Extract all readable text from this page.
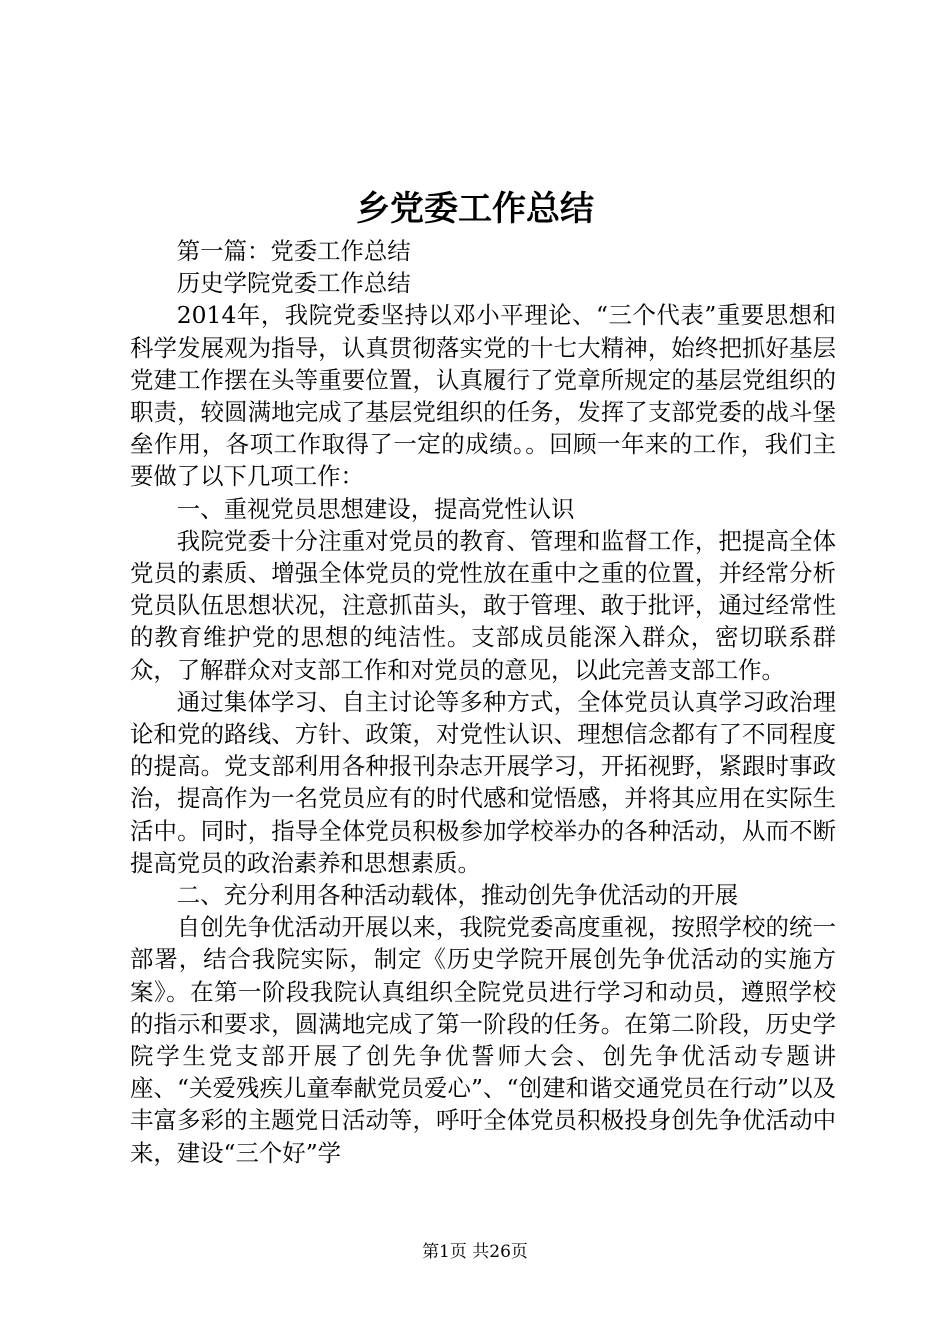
乡党委工作总结

第一篇：党委工作总结

历史学院党委工作总结

2014年，我院党委坚持以邓小平理论、“三个代表”重要思想和科学发展观为指导，认真贯彻落实党的十七大精神，始终把抓好基层党建工作摆在头等重要位置，认真履行了党章所规定的基层党组织的职责，较圆满地完成了基层党组织的任务，发挥了支部党委的战斗堡垒作用，各项工作取得了一定的成绩。。回顾一年来的工作，我们主要做了以下几项工作：

一、重视党员思想建设，提高党性认识

我院党委十分注重对党员的教育、管理和监督工作，把提高全体党员的素质、增强全体党员的党性放在重中之重的位置，并经常分析党员队伍思想状况，注意抓苗头，敢于管理、敢于批评，通过经常性的教育维护党的思想的纯洁性。支部成员能深入群众，密切联系群众，了解群众对支部工作和对党员的意见，以此完善支部工作。

通过集体学习、自主讨论等多种方式，全体党员认真学习政治理论和党的路线、方针、政策，对党性认识、理想信念都有了不同程度的提高。党支部利用各种报刊杂志开展学习，开拓视野，紧跟时事政治，提高作为一名党员应有的时代感和觉悟感，并将其应用在实际生活中。同时，指导全体党员积极参加学校举办的各种活动，从而不断提高党员的政治素养和思想素质。

二、充分利用各种活动载体，推动创先争优活动的开展

自创先争优活动开展以来，我院党委高度重视，按照学校的统一部署，结合我院实际，制定《历史学院开展创先争优活动的实施方案》。在第一阶段我院认真组织全院党员进行学习和动员，遵照学校的指示和要求，圆满地完成了第一阶段的任务。在第二阶段，历史学院学生党支部开展了创先争优誓师大会、创先争优活动专题讲座、“关爱残疾儿童奉献党员爱心”、“创建和谐交通党员在行动”以及丰富多彩的主题党日活动等，呼吁全体党员积极投身创先争优活动中来，建设“三个好”学

第1页 共26页
